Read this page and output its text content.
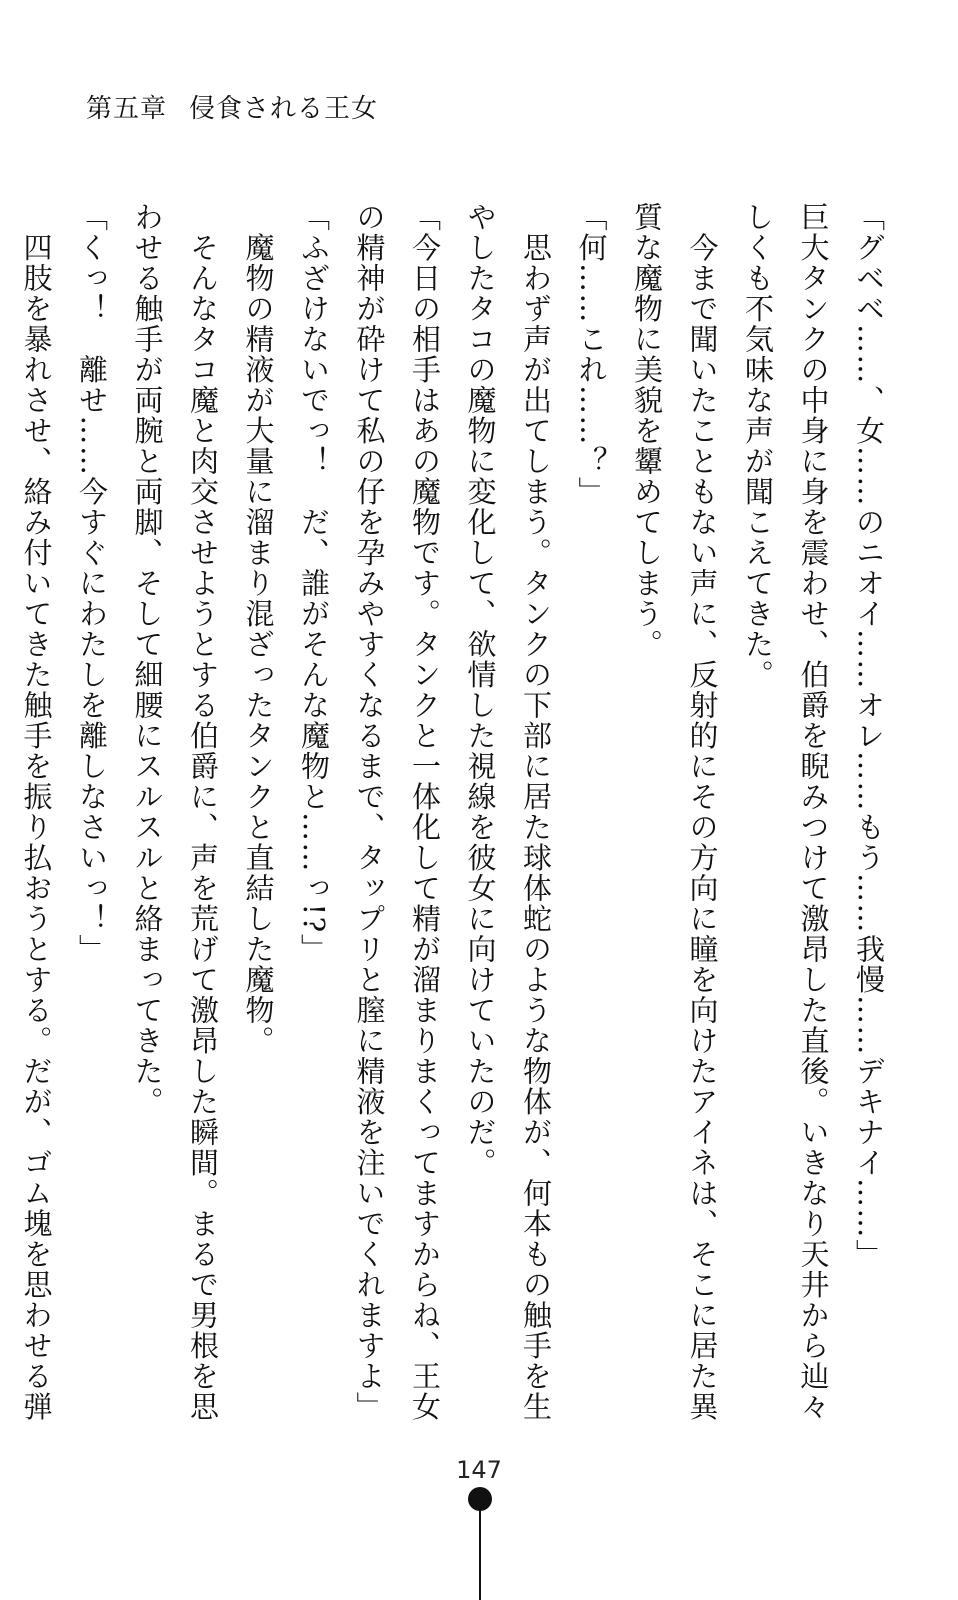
第五章 侵食される王女

「グベベ……、女……のニオイ……オレ……もう……我慢……デキナイ……」

巨大タンクの中身に身を震わせ、伯爵を睨みつけて激昂した直後。いきなり天井から辿々

しくも不気味な声が聞こえてきた。

　今まで聞いたこともない声に、反射的にその方向に瞳を向けたアイネは、そこに居た異

質な魔物に美貌を顰めてしまう。

「何……これ……？」

　思わず声が出てしまう。タンクの下部に居た球体蛇のような物体が、何本もの触手を生

やしたタコの魔物に変化して、欲情した視線を彼女に向けていたのだ。

「今日の相手はあの魔物です。タンクと一体化して精が溜まりまくってますからね、王女

の精神が砕けて私の仔を孕みやすくなるまで、タップリと膣に精液を注いでくれますよ」

「ふざけないでっ！　だ、誰がそんな魔物と……っ!?」

　魔物の精液が大量に溜まり混ざったタンクと直結した魔物。

　そんなタコ魔と肉交させようとする伯爵に、声を荒げて激昂した瞬間。まるで男根を思

わせる触手が両腕と両脚、そして細腰にスルスルと絡まってきた。

「くっ！　離せ……今すぐにわたしを離しなさいっ！」

　四肢を暴れさせ、絡み付いてきた触手を振り払おうとする。だが、ゴム塊を思わせる弾

147
